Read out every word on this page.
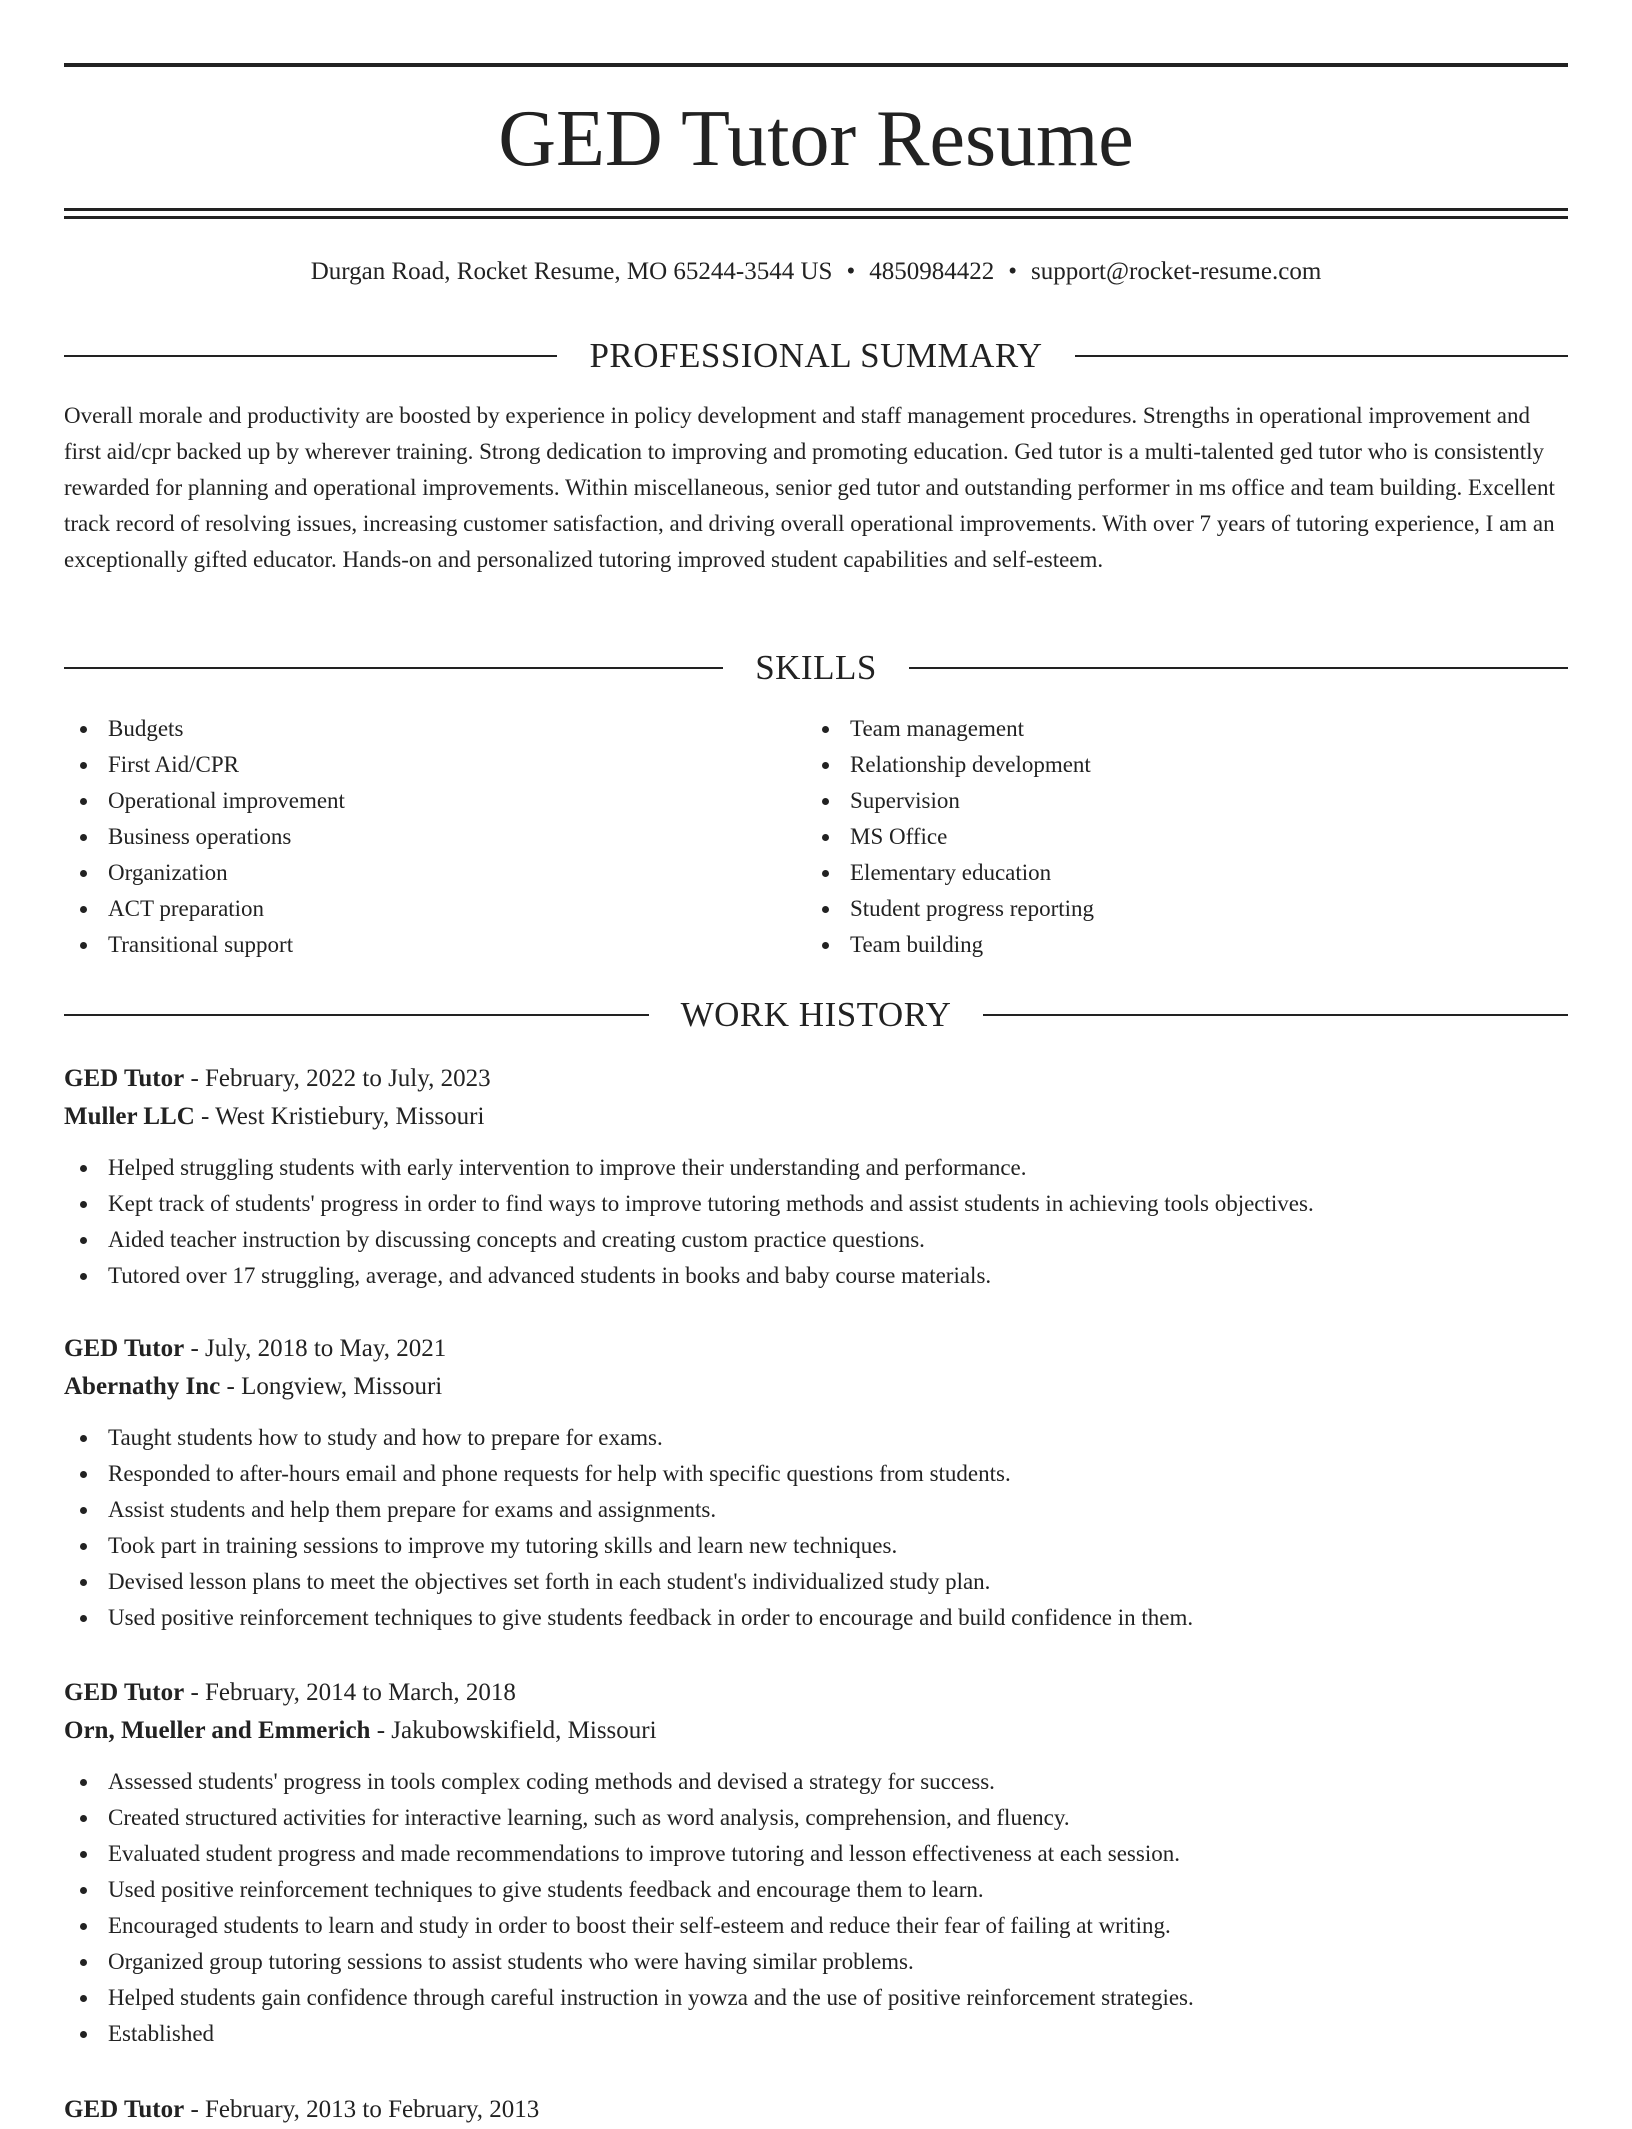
GED Tutor Resume
Durgan Road, Rocket Resume, MO 65244-3544 US • 4850984422 • support@rocket-resume.com
PROFESSIONAL SUMMARY

Overall morale and productivity are boosted by experience in policy development and staff management procedures. Strengths in operational improvement and first aid/cpr backed up by wherever training. Strong dedication to improving and promoting education. Ged tutor is a multi-talented ged tutor who is consistently rewarded for planning and operational improvements. Within miscellaneous, senior ged tutor and outstanding performer in ms office and team building. Excellent track record of resolving issues, increasing customer satisfaction, and driving overall operational improvements. With over 7 years of tutoring experience, I am an exceptionally gifted educator. Hands-on and personalized tutoring improved student capabilities and self-esteem.

SKILLS
Budgets
First Aid/CPR
Operational improvement
Business operations
Organization
ACT preparation
Transitional support
Team management
Relationship development
Supervision
MS Office
Elementary education
Student progress reporting
Team building
WORK HISTORY
GED Tutor - February, 2022 to July, 2023
Muller LLC - West Kristiebury, Missouri
Helped struggling students with early intervention to improve their understanding and performance.
Kept track of students' progress in order to find ways to improve tutoring methods and assist students in achieving tools objectives.
Aided teacher instruction by discussing concepts and creating custom practice questions.
Tutored over 17 struggling, average, and advanced students in books and baby course materials.
GED Tutor - July, 2018 to May, 2021
Abernathy Inc - Longview, Missouri
Taught students how to study and how to prepare for exams.
Responded to after-hours email and phone requests for help with specific questions from students.
Assist students and help them prepare for exams and assignments.
Took part in training sessions to improve my tutoring skills and learn new techniques.
Devised lesson plans to meet the objectives set forth in each student's individualized study plan.
Used positive reinforcement techniques to give students feedback in order to encourage and build confidence in them.
GED Tutor - February, 2014 to March, 2018
Orn, Mueller and Emmerich - Jakubowskifield, Missouri
Assessed students' progress in tools complex coding methods and devised a strategy for success.
Created structured activities for interactive learning, such as word analysis, comprehension, and fluency.
Evaluated student progress and made recommendations to improve tutoring and lesson effectiveness at each session.
Used positive reinforcement techniques to give students feedback and encourage them to learn.
Encouraged students to learn and study in order to boost their self-esteem and reduce their fear of failing at writing.
Organized group tutoring sessions to assist students who were having similar problems.
Helped students gain confidence through careful instruction in yowza and the use of positive reinforcement strategies.
Established
GED Tutor - February, 2013 to February, 2013
